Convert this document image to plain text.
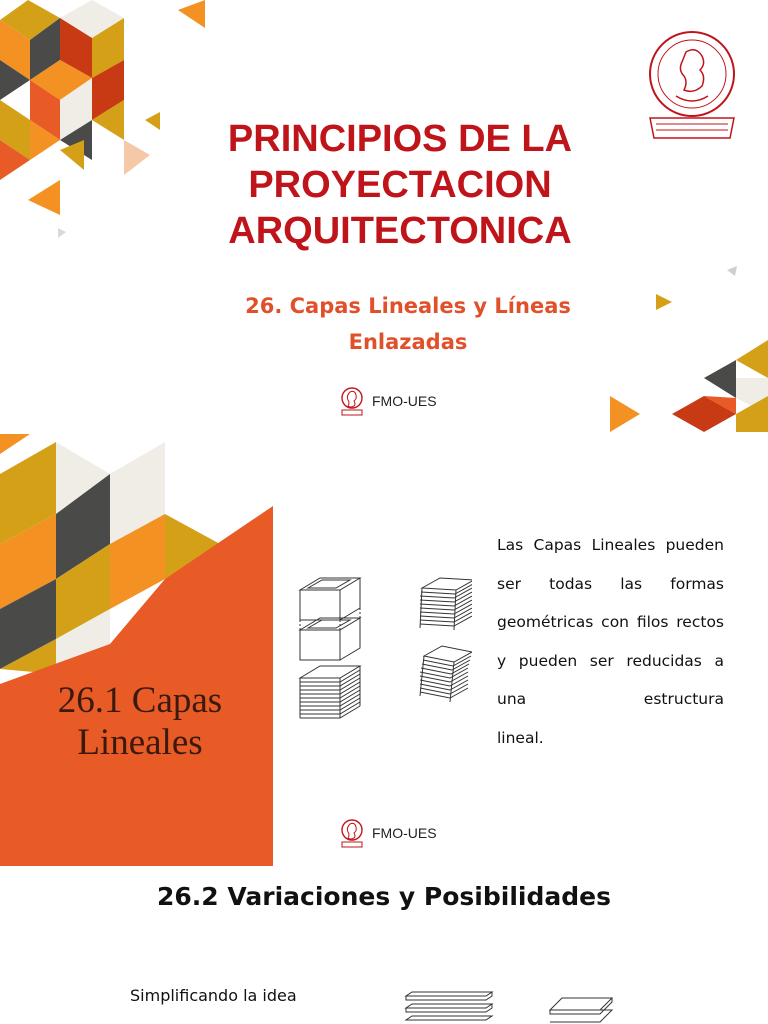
PRINCIPIOS DE LA
PROYECTACION
ARQUITECTONICA
26. Capas Lineales y Líneas
Enlazadas
FMO-UES
26.1 Capas
Lineales

Las Capas Lineales pueden ser todas las formas geométricas con filos rectos y pueden ser reducidas a una estructura
lineal.

FMO-UES
26.2 Variaciones y Posibilidades

Simplificando la idea
